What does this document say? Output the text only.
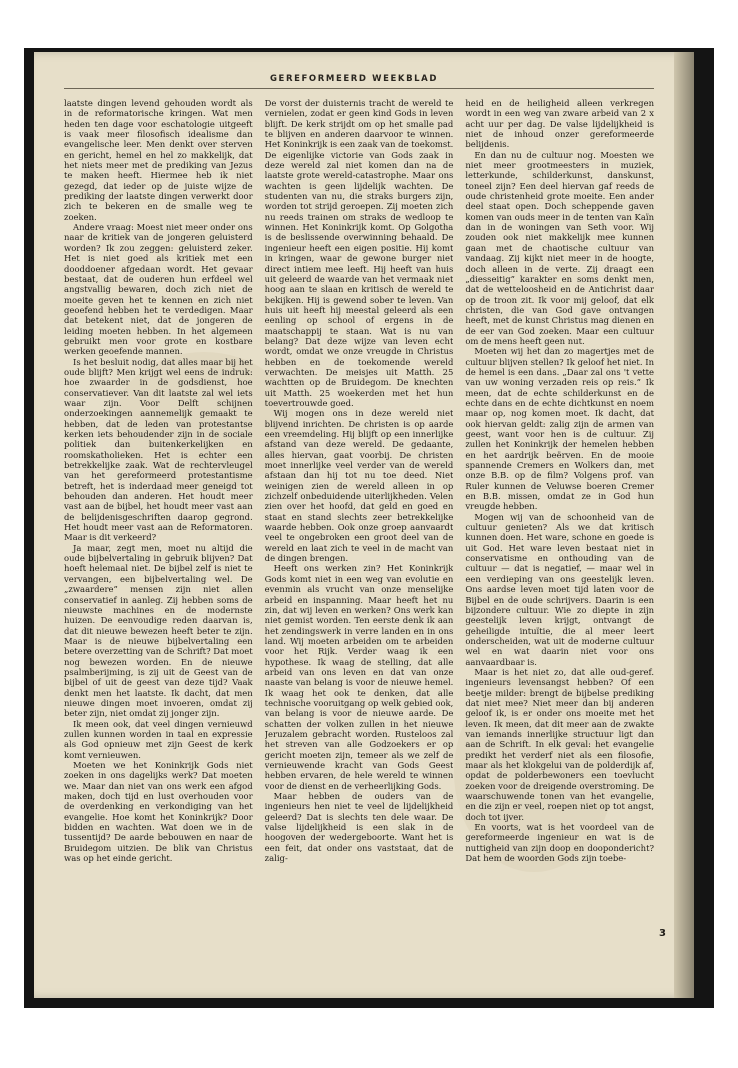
GEREFORMEERD WEEKBLAD

laatste dingen levend gehouden wordt als in de reformatorische kringen. Wat men heden ten dage voor eschatologie uitgeeft is vaak meer filosofisch idealisme dan evangelische leer. Men denkt over sterven en gericht, hemel en hel zo makkelijk, dat het niets meer met de prediking van Jezus te maken heeft. Hiermee heb ik niet gezegd, dat ieder op de juiste wijze de prediking der laatste dingen verwerkt door zich te bekeren en de smalle weg te zoeken.

Andere vraag: Moest niet meer onder ons naar de kritiek van de jongeren geluisterd worden? Ik zou zeggen: geluisterd zeker. Het is niet goed als kritiek met een dooddoener afgedaan wordt. Het gevaar bestaat, dat de ouderen hun erfdeel wel angstvallig bewaren, doch zich niet de moeite geven het te kennen en zich niet geoefend hebben het te verdedigen. Maar dat betekent niet, dat de jongeren de leiding moeten hebben. In het algemeen gebruikt men voor grote en kostbare werken geoefende mannen.

Is het besluit nodig, dat alles maar bij het oude blijft? Men krijgt wel eens de indruk: hoe zwaarder in de godsdienst, hoe conservatiever. Van dit laatste zal wel iets waar zijn. Voor Delft schijnen onderzoekingen aannemelijk gemaakt te hebben, dat de leden van protestantse kerken iets behoudender zijn in de sociale politiek dan buitenkerkelijken en roomskatholieken. Het is echter een betrekkelijke zaak. Wat de rechtervleugel van het gereformeerd protestantisme betreft, het is inderdaad meer geneigd tot behouden dan anderen. Het houdt meer vast aan de bijbel, het houdt meer vast aan de belijdenisgeschriften daarop gegrond. Het houdt meer vast aan de Reformatoren. Maar is dit verkeerd?

Ja maar, zegt men, moet nu altijd die oude bijbelvertaling in gebruik blijven? Dat hoeft helemaal niet. De bijbel zelf is niet te vervangen, een bijbelvertaling wel. De „zwaardere” mensen zijn niet allen conservatief in aanleg. Zij hebben soms de nieuwste machines en de modernste huizen. De eenvoudige reden daarvan is, dat dit nieuwe bewezen heeft beter te zijn. Maar is de nieuwe bijbelvertaling een betere overzetting van de Schrift? Dat moet nog bewezen worden. En de nieuwe psalmberijming, is zij uit de Geest van de bijbel of uit de geest van deze tijd? Vaak denkt men het laatste. Ik dacht, dat men nieuwe dingen moet invoeren, omdat zij beter zijn, niet omdat zij jonger zijn.

Ik meen ook, dat veel dingen vernieuwd zullen kunnen worden in taal en expressie als God opnieuw met zijn Geest de kerk komt vernieuwen.

Moeten we het Koninkrijk Gods niet zoeken in ons dagelijks werk? Dat moeten we. Maar dan niet van ons werk een afgod maken, doch tijd en lust overhouden voor de overdenking en verkondiging van het evangelie. Hoe komt het Koninkrijk? Door bidden en wachten. Wat doen we in de tussentijd? De aarde bebouwen en naar de Bruidegom uitzien. De blik van Christus was op het einde gericht.

De vorst der duisternis tracht de wereld te vernielen, zodat er geen kind Gods in leven blijft. De kerk strijdt om op het smalle pad te blijven en anderen daarvoor te winnen. Het Koninkrijk is een zaak van de toekomst. De eigenlijke victorie van Gods zaak in deze wereld zal niet komen dan na de laatste grote wereld-catastrophe. Maar ons wachten is geen lijdelijk wachten. De studenten van nu, die straks burgers zijn, worden tot strijd geroepen. Zij moeten zich nu reeds trainen om straks de wedloop te winnen. Het Koninkrijk komt. Op Golgotha is de beslissende overwinning behaald. De ingenieur heeft een eigen positie. Hij komt in kringen, waar de gewone burger niet direct intiem mee leeft. Hij heeft van huis uit geleerd de waarde van het vermaak niet hoog aan te slaan en kritisch de wereld te bekijken. Hij is gewend sober te leven. Van huis uit heeft hij meestal geleerd als een eenling op school of ergens in de maatschappij te staan. Wat is nu van belang? Dat deze wijze van leven echt wordt, omdat we onze vreugde in Christus hebben en de toekomende wereld verwachten. De meisjes uit Matth. 25 wachtten op de Bruidegom. De knechten uit Matth. 25 woekerden met het hun toevertrouwde goed.

Wij mogen ons in deze wereld niet blijvend inrichten. De christen is op aarde een vreemdeling. Hij blijft op een innerlijke afstand van deze wereld. De gedaante, alles hiervan, gaat voorbij. De christen moet innerlijke veel verder van de wereld afstaan dan hij tot nu toe deed. Niet weinigen zien de wereld alleen in op zichzelf onbeduidende uiterlijkheden. Velen zien over het hoofd, dat geld en goed en staat en stand slechts zeer betrekkelijke waarde hebben. Ook onze groep aanvaardt veel te ongebroken een groot deel van de wereld en laat zich te veel in de macht van de dingen brengen.

Heeft ons werken zin? Het Koninkrijk Gods komt niet in een weg van evolutie en evenmin als vrucht van onze menselijke arbeid en inspanning. Maar heeft het nu zin, dat wij leven en werken? Ons werk kan niet gemist worden. Ten eerste denk ik aan het zendingswerk in verre landen en in ons land. Wij moeten arbeiden om te arbeiden voor het Rijk. Verder waag ik een hypothese. Ik waag de stelling, dat alle arbeid van ons leven en dat van onze naaste van belang is voor de nieuwe hemel. Ik waag het ook te denken, dat alle technische vooruitgang op welk gebied ook, van belang is voor de nieuwe aarde. De schatten der volken zullen in het nieuwe Jeruzalem gebracht worden. Rusteloos zal het streven van alle Godzoekers er op gericht moeten zijn, temeer als we zelf de vernieuwende kracht van Gods Geest hebben ervaren, de hele wereld te winnen voor de dienst en de verheerlijking Gods.

Maar hebben de ouders van de ingenieurs hen niet te veel de lijdelijkheid geleerd? Dat is slechts ten dele waar. De valse lijdelijkheid is een slak in de hoogoven der wedergeboorte. Want het is een feit, dat onder ons vaststaat, dat de zalig-

heid en de heiligheid alleen verkregen wordt in een weg van zware arbeid van 2 x acht uur per dag. De valse lijdelijkheid is niet de inhoud onzer gereformeerde belijdenis.

En dan nu de cultuur nog. Moesten we niet meer grootmeesters in muziek, letterkunde, schilderkunst, danskunst, toneel zijn? Een deel hiervan gaf reeds de oude christenheid grote moeite. Een ander deel staat open. Doch scheppende gaven komen van ouds meer in de tenten van Kaïn dan in de woningen van Seth voor. Wij zouden ook niet makkelijk mee kunnen gaan met de chaotische cultuur van vandaag. Zij kijkt niet meer in de hoogte, doch alleen in de verte. Zij draagt een „diesseitig” karakter en soms denkt men, dat de wetteloosheid en de Antichrist daar op de troon zit. Ik voor mij geloof, dat elk christen, die van God gave ontvangen heeft, met de kunst Christus mag dienen en de eer van God zoeken. Maar een cultuur om de mens heeft geen nut.

Moeten wij het dan zo magertjes met de cultuur blijven stellen? Ik geloof het niet. In de hemel is een dans. „Daar zal ons 't vette van uw woning verzaden reis op reis.” Ik meen, dat de echte schilderkunst en de echte dans en de echte dichtkunst en noem maar op, nog komen moet. Ik dacht, dat ook hiervan geldt: zalig zijn de armen van geest, want voor hen is de cultuur. Zij zullen het Koninkrijk der hemelen hebben en het aardrijk beërven. En de mooie spannende Cremers en Wolkers dan, met onze B.B. op de film? Volgens prof. van Ruler kunnen de Veluwse boeren Cremer en B.B. missen, omdat ze in God hun vreugde hebben.

Mogen wij van de schoonheid van de cultuur genieten? Als we dat kritisch kunnen doen. Het ware, schone en goede is uit God. Het ware leven bestaat niet in conservatisme en onthouding van de cultuur — dat is negatief, — maar wel in een verdieping van ons geestelijk leven. Ons aardse leven moet tijd laten voor de Bijbel en de oude schrijvers. Daarin is een bijzondere cultuur. Wie zo diepte in zijn geestelijk leven krijgt, ontvangt de geheiligde intuïtie, die al meer leert onderscheiden, wat uit de moderne cultuur wel en wat daarin niet voor ons aanvaardbaar is.

Maar is het niet zo, dat alle oud-geref. ingenieurs levensangst hebben? Of een beetje milder: brengt de bijbelse prediking dat niet mee? Niet meer dan bij anderen geloof ik, is er onder ons moeite met het leven. Ik meen, dat dit meer aan de zwakte van iemands innerlijke structuur ligt dan aan de Schrift. In elk geval: het evangelie predikt het verderf niet als een filosofie, maar als het klokgelui van de polderdijk af, opdat de polderbewoners een toevlucht zoeken voor de dreigende overstroming. De waarschuwende tonen van het evangelie, en die zijn er veel, roepen niet op tot angst, doch tot ijver.

En voorts, wat is het voordeel van de gereformeerde ingenieur en wat is de nuttigheid van zijn doop en doopondericht? Dat hem de woorden Gods zijn toebe-

3
